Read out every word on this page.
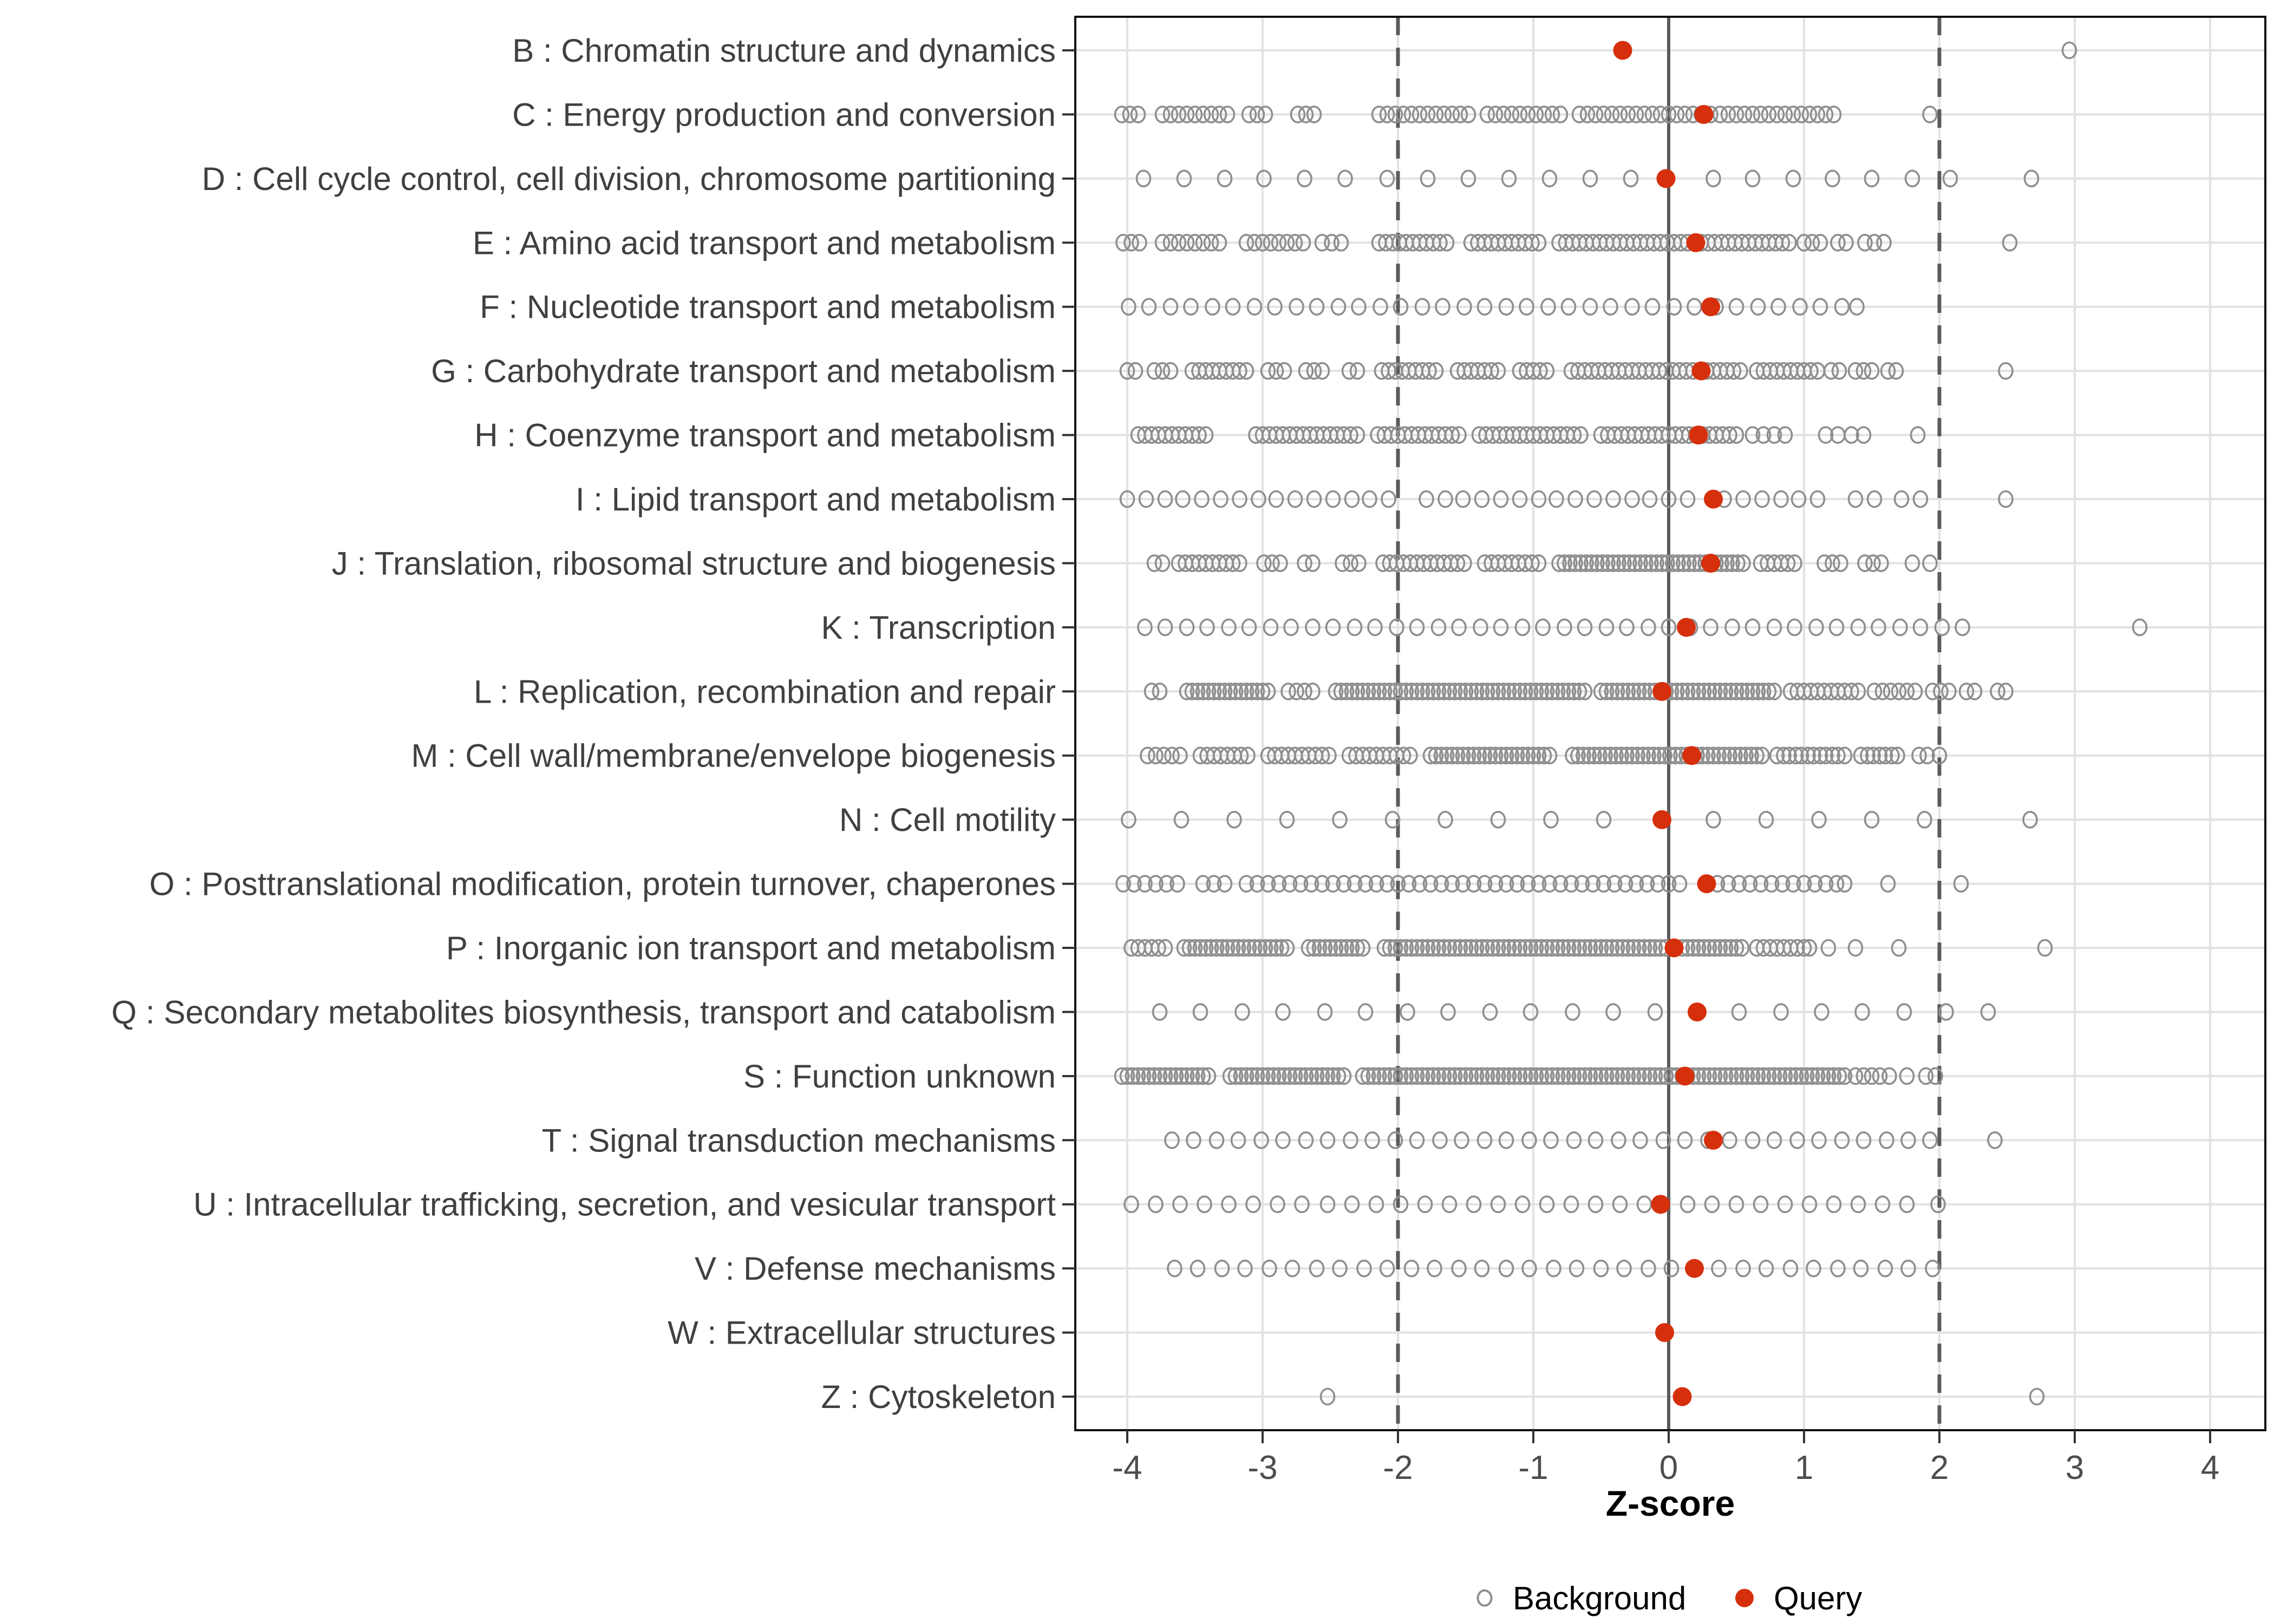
B : Chromatin structure and dynamics
C : Energy production and conversion
D : Cell cycle control, cell division, chromosome partitioning
E : Amino acid transport and metabolism
F : Nucleotide transport and metabolism
G : Carbohydrate transport and metabolism
H : Coenzyme transport and metabolism
I : Lipid transport and metabolism
J : Translation, ribosomal structure and biogenesis
K : Transcription
L : Replication, recombination and repair
M : Cell wall/membrane/envelope biogenesis
N : Cell motility
O : Posttranslational modification, protein turnover, chaperones
P : Inorganic ion transport and metabolism
Q : Secondary metabolites biosynthesis, transport and catabolism
S : Function unknown
T : Signal transduction mechanisms
U : Intracellular trafficking, secretion, and vesicular transport
V : Defense mechanisms
W : Extracellular structures
Z : Cytoskeleton
-4	-3	-2	-1	0	1	2	3	4
Z-score
Background	Query
